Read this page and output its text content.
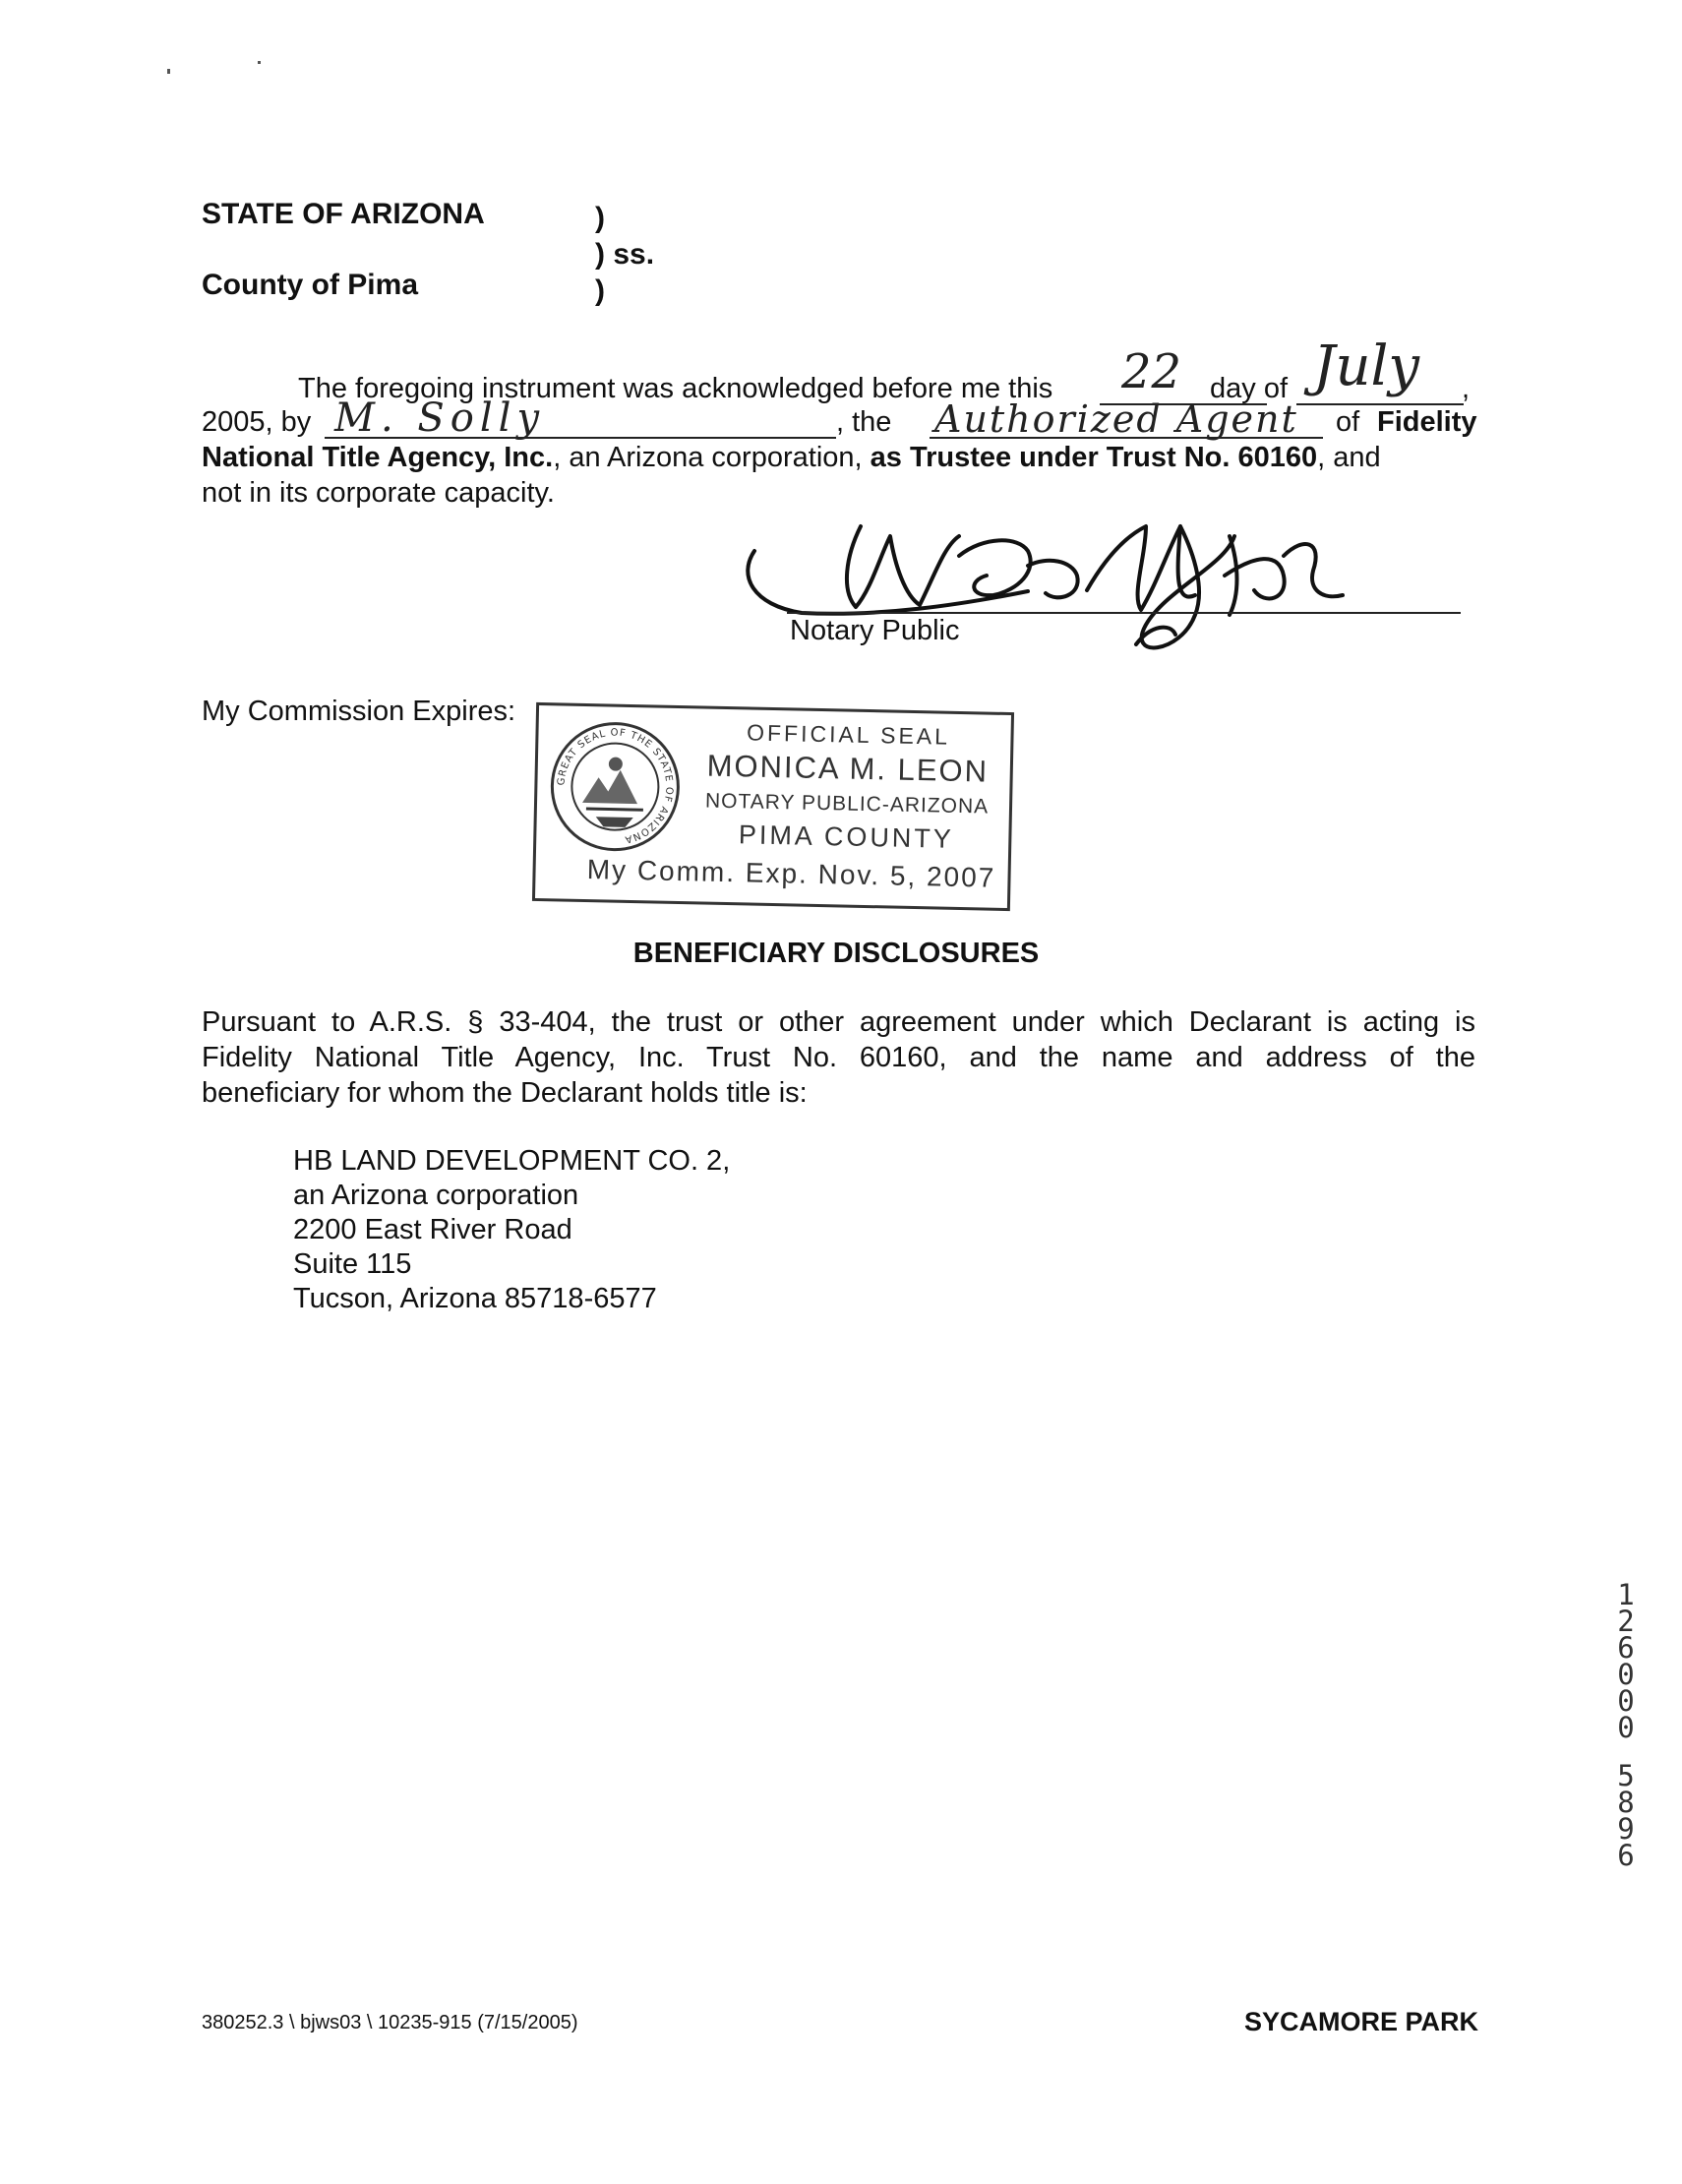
STATE OF ARIZONA
County of Pima
)
) ss.
)
The foregoing instrument was acknowledged before me this 22 day of July ,
2005, by M. Solly	, the Authorized Agent of Fidelity
National Title Agency, Inc., an Arizona corporation, as Trustee under Trust No. 60160, and
not in its corporate capacity.
Notary Public
My Commission Expires:
GREAT SEAL OF THE STATE OF ARIZONA
OFFICIAL SEAL
MONICA M. LEON
NOTARY PUBLIC-ARIZONA
PIMA COUNTY
My Comm. Exp. Nov. 5, 2007
BENEFICIARY DISCLOSURES
Pursuant to A.R.S. § 33-404, the trust or other agreement under which Declarant is acting is
Fidelity National Title Agency, Inc. Trust No. 60160, and the name and address of the
beneficiary for whom the Declarant holds title is:
HB LAND DEVELOPMENT CO. 2,
an Arizona corporation
2200 East River Road
Suite 115
Tucson, Arizona 85718-6577
1
2
6
0
0
0
5
8
9
6
380252.3 \ bjws03 \ 10235-915 (7/15/2005)	SYCAMORE PARK
